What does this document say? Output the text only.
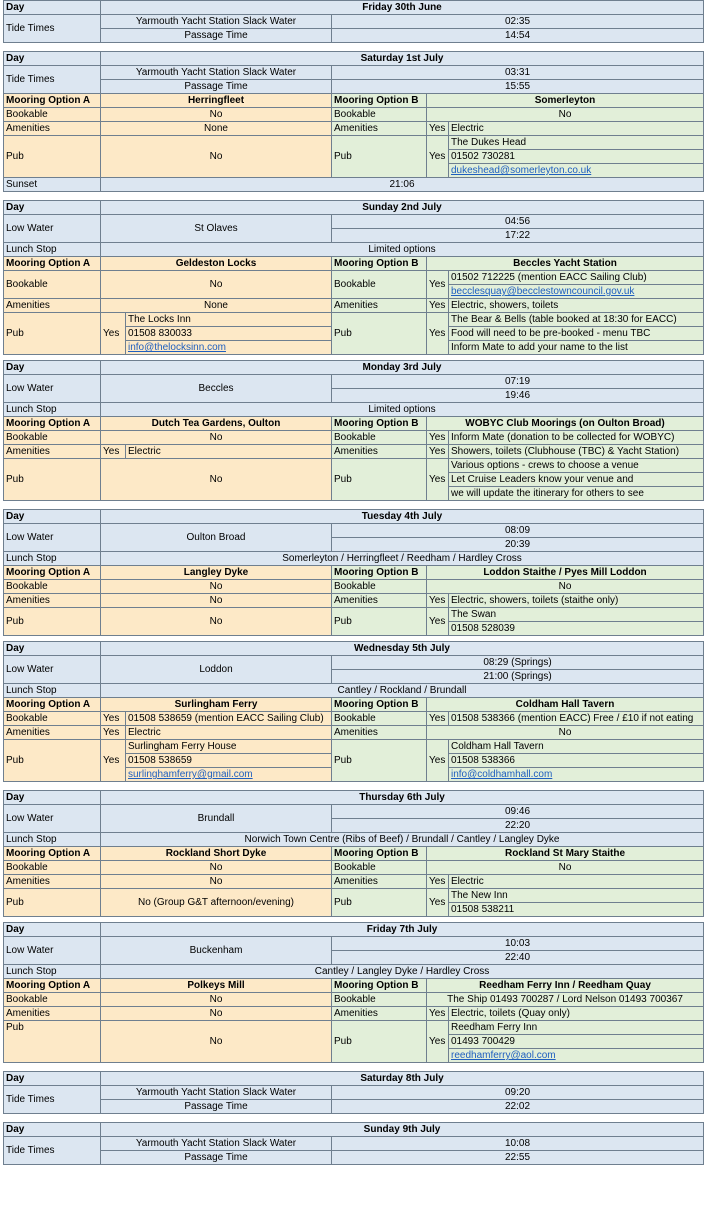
Day	Friday 30th June	
Tide Times	Yarmouth Yacht Station Slack Water	02:35
	Passage Time	14:54
Day	Saturday 1st July			
Tide Times	Yarmouth Yacht Station Slack Water	03:31		
	Passage Time	15:55		
Mooring Option A	Herringfleet	Mooring Option B	Somerleyton	
Bookable	No	Bookable	No	
Amenities	None	Amenities	Yes	Electric
Pub	No	Pub	Yes	The Dukes Head
				01502 730281
				dukeshead@somerleyton.co.uk
Sunset	21:06			
Day	Sunday 2nd July				
Low Water	St Olaves		04:56		
			17:22		
Lunch Stop	Limited options				
Mooring Option A	Geldeston Locks		Mooring Option B	Beccles Yacht Station	
Bookable	No		Bookable	Yes	01502 712225 (mention EACC Sailing Club)
					becclesquay@becclestowncouncil.gov.uk
Amenities	None		Amenities	Yes	Electric, showers, toilets
Pub	Yes	The Locks Inn	Pub	Yes	The Bear & Bells (table booked at 18:30 for EACC)
		01508 830033			Food will need to be pre-booked - menu TBC
		info@thelocksinn.com			Inform Mate to add your name to the list
Day	Monday 3rd July				
Low Water	Beccles		07:19		
			19:46		
Lunch Stop	Limited options				
Mooring Option A	Dutch Tea Gardens, Oulton		Mooring Option B	WOBYC Club Moorings (on Oulton Broad)	
Bookable	No		Bookable	Yes	Inform Mate (donation to be collected for WOBYC)
Amenities	Yes	Electric	Amenities	Yes	Showers, toilets (Clubhouse (TBC) & Yacht Station)
Pub	No		Pub	Yes	Various options - crews to choose a venue
					Let Cruise Leaders know your venue and
					we will update the itinerary for others to see
Day	Tuesday 4th July			
Low Water	Oulton Broad	08:09		
		20:39		
Lunch Stop	Somerleyton / Herringfleet / Reedham / Hardley Cross			
Mooring Option A	Langley Dyke	Mooring Option B	Loddon Staithe / Pyes Mill Loddon	
Bookable	No	Bookable	No	
Amenities	No	Amenities	Yes	Electric, showers, toilets (staithe only)
Pub	No	Pub	Yes	The Swan
				01508 528039
Day	Wednesday 5th July				
Low Water	Loddon		08:29 (Springs)		
			21:00 (Springs)		
Lunch Stop	Cantley / Rockland / Brundall				
Mooring Option A	Surlingham Ferry		Mooring Option B	Coldham Hall Tavern	
Bookable	Yes	01508 538659 (mention EACC Sailing Club)	Bookable	Yes	01508 538366 (mention EACC) Free / £10 if not eating
Amenities	Yes	Electric	Amenities	No	
Pub	Yes	Surlingham Ferry House	Pub	Yes	Coldham Hall Tavern
		01508 538659			01508 538366
		surlinghamferry@gmail.com			info@coldhamhall.com
Day	Thursday 6th July			
Low Water	Brundall	09:46		
		22:20		
Lunch Stop	Norwich Town Centre (Ribs of Beef) / Brundall / Cantley / Langley Dyke			
Mooring Option A	Rockland Short Dyke	Mooring Option B	Rockland St Mary Staithe	
Bookable	No	Bookable	No	
Amenities	No	Amenities	Yes	Electric
Pub	No (Group G&T afternoon/evening)	Pub	Yes	The New Inn
				01508 538211
Day	Friday 7th July			
Low Water	Buckenham	10:03		
		22:40		
Lunch Stop	Cantley / Langley Dyke / Hardley Cross			
Mooring Option A	Polkeys Mill	Mooring Option B	Reedham Ferry Inn / Reedham Quay	
Bookable	No	Bookable	The Ship 01493 700287 / Lord Nelson 01493 700367	
Amenities	No	Amenities	Yes	Electric, toilets (Quay only)
Pub	No	Pub	Yes	Reedham Ferry Inn
				01493 700429
				reedhamferry@aol.com
Day	Saturday 8th July	
Tide Times	Yarmouth Yacht Station Slack Water	09:20
	Passage Time	22:02
Day	Sunday 9th July	
Tide Times	Yarmouth Yacht Station Slack Water	10:08
	Passage Time	22:55
